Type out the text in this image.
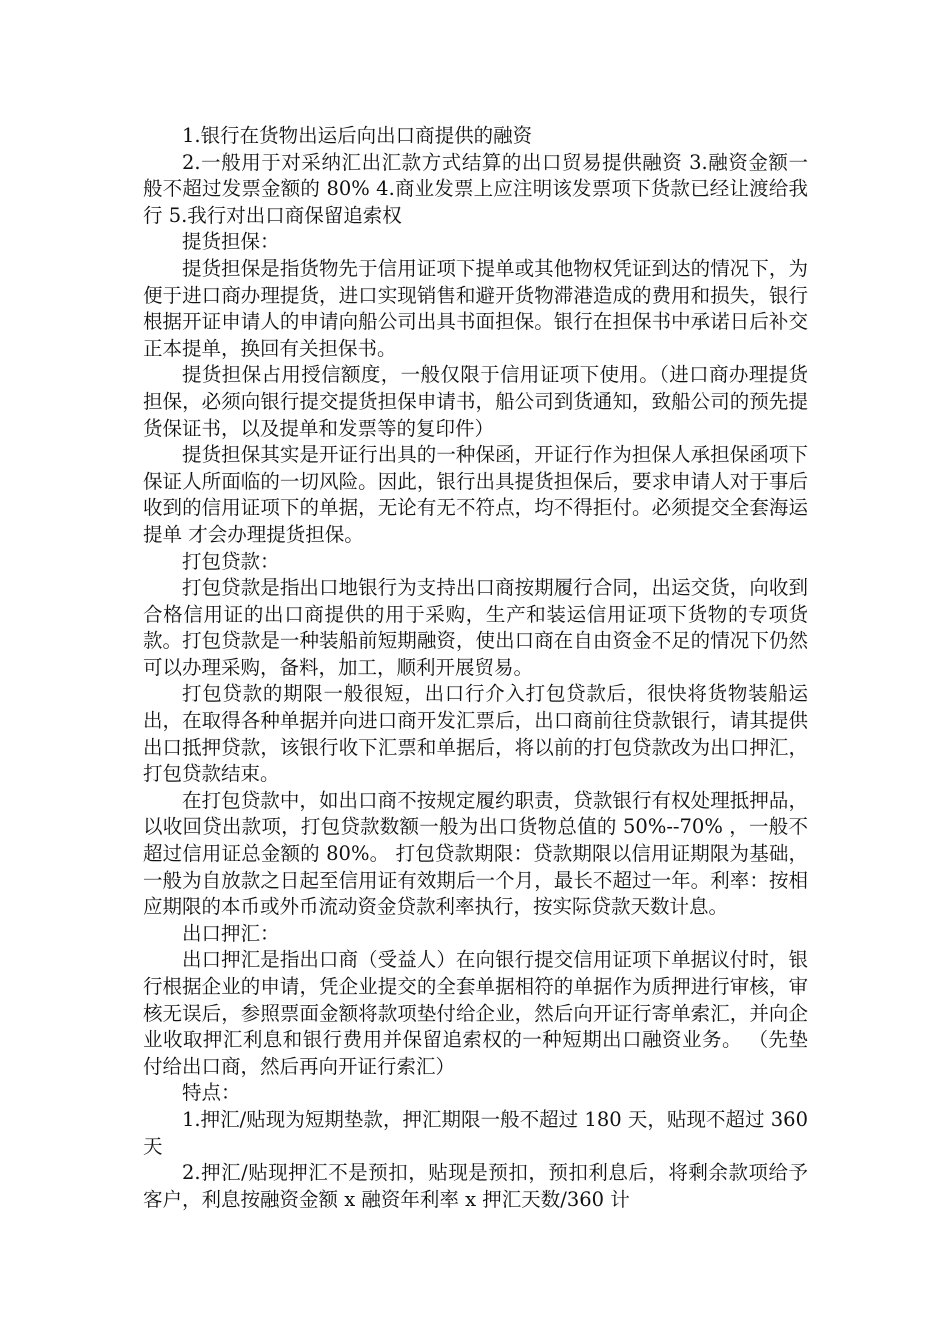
1.银行在货物出运后向出口商提供的融资

2.一般用于对采纳汇出汇款方式结算的出口贸易提供融资 3.融资金额一般不超过发票金额的 80% 4.商业发票上应注明该发票项下货款已经让渡给我行 5.我行对出口商保留追索权

提货担保：

提货担保是指货物先于信用证项下提单或其他物权凭证到达的情况下，为便于进口商办理提货，进口实现销售和避开货物滞港造成的费用和损失，银行根据开证申请人的申请向船公司出具书面担保。银行在担保书中承诺日后补交正本提单，换回有关担保书。

提货担保占用授信额度，一般仅限于信用证项下使用。（进口商办理提货担保，必须向银行提交提货担保申请书，船公司到货通知，致船公司的预先提货保证书，以及提单和发票等的复印件）

提货担保其实是开证行出具的一种保函，开证行作为担保人承担保函项下保证人所面临的一切风险。因此，银行出具提货担保后，要求申请人对于事后收到的信用证项下的单据，无论有无不符点，均不得拒付。必须提交全套海运提单 才会办理提货担保。

打包贷款：

打包贷款是指出口地银行为支持出口商按期履行合同，出运交货，向收到合格信用证的出口商提供的用于采购，生产和装运信用证项下货物的专项货款。打包贷款是一种装船前短期融资，使出口商在自由资金不足的情况下仍然可以办理采购，备料，加工，顺利开展贸易。

打包贷款的期限一般很短，出口行介入打包贷款后，很快将货物装船运出，在取得各种单据并向进口商开发汇票后，出口商前往贷款银行，请其提供出口抵押贷款，该银行收下汇票和单据后，将以前的打包贷款改为出口押汇，打包贷款结束。

在打包贷款中，如出口商不按规定履约职责，贷款银行有权处理抵押品，以收回贷出款项，打包贷款数额一般为出口货物总值的 50%--70% ，一般不超过信用证总金额的 80%。 打包贷款期限：贷款期限以信用证期限为基础，一般为自放款之日起至信用证有效期后一个月，最长不超过一年。利率：按相应期限的本币或外币流动资金贷款利率执行，按实际贷款天数计息。

出口押汇：

出口押汇是指出口商（受益人）在向银行提交信用证项下单据议付时，银行根据企业的申请，凭企业提交的全套单据相符的单据作为质押进行审核，审核无误后，参照票面金额将款项垫付给企业，然后向开证行寄单索汇，并向企业收取押汇利息和银行费用并保留追索权的一种短期出口融资业务。 （先垫付给出口商，然后再向开证行索汇）

特点：

1.押汇/贴现为短期垫款，押汇期限一般不超过 180 天，贴现不超过 360 天

2.押汇/贴现押汇不是预扣，贴现是预扣，预扣利息后，将剩余款项给予客户，利息按融资金额 x 融资年利率 x 押汇天数/360 计
